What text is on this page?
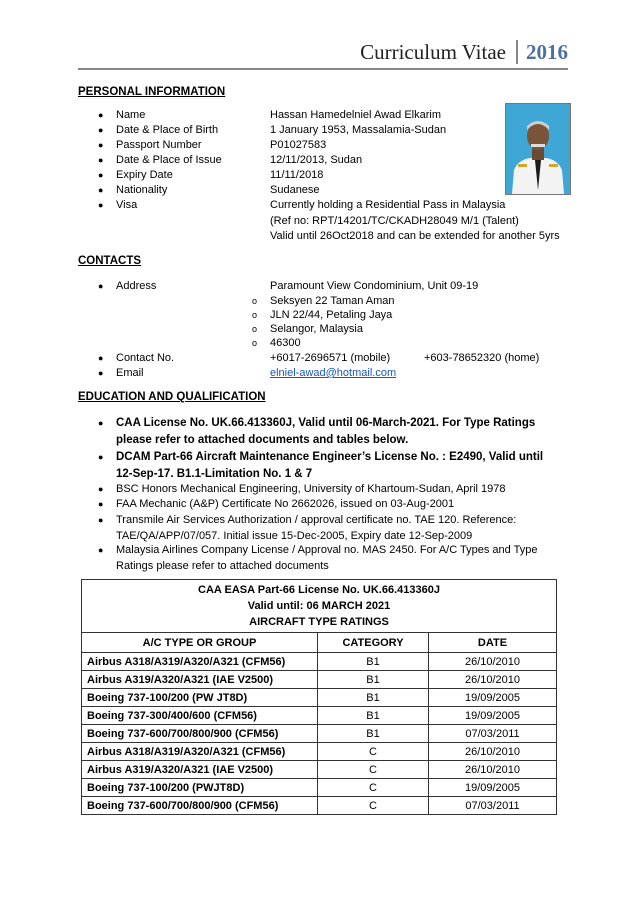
Curriculum Vitae 2016
PERSONAL INFORMATION
● Name	Hassan Hamedelniel Awad Elkarim
● Date & Place of Birth	1 January 1953, Massalamia-Sudan
● Passport Number	P01027583
● Date & Place of Issue	12/11/2013, Sudan
● Expiry Date	11/11/2018
● Nationality	Sudanese
● Visa	Currently holding a Residential Pass in Malaysia
(Ref no: RPT/14201/TC/CKADH28049 M/1 (Talent)
Valid until 26Oct2018 and can be extended for another 5yrs
CONTACTS
● Address	Paramount View Condominium, Unit 09-19
o Seksyen 22 Taman Aman
o JLN 22/44, Petaling Jaya
o Selangor, Malaysia
o 46300
● Contact No.	+6017-2696571 (mobile)	+603-78652320 (home)
● Email	elniel-awad@hotmail.com
EDUCATION AND QUALIFICATION
● CAA License No. UK.66.413360J, Valid until 06-March-2021. For Type Ratings please refer to attached documents and tables below.
● DCAM Part-66 Aircraft Maintenance Engineer’s License No. : E2490, Valid until 12-Sep-17. B1.1-Limitation No. 1 & 7
● BSC Honors Mechanical Engineering, University of Khartoum-Sudan, April 1978
● FAA Mechanic (A&P) Certificate No 2662026, issued on 03-Aug-2001
● Transmile Air Services Authorization / approval certificate no. TAE 120. Reference: TAE/QA/APP/07/057. Initial issue 15-Dec-2005, Expiry date 12-Sep-2009
● Malaysia Airlines Company License / Approval no. MAS 2450. For A/C Types and Type Ratings please refer to attached documents
CAA EASA Part-66 License No. UK.66.413360J
Valid until: 06 MARCH 2021
AIRCRAFT TYPE RATINGS		

A/C TYPE OR GROUP	CATEGORY	DATE
Airbus A318/A319/A320/A321 (CFM56)	B1	26/10/2010
Airbus A319/A320/A321 (IAE V2500)	B1	26/10/2010
Boeing 737-100/200 (PW JT8D)	B1	19/09/2005
Boeing 737-300/400/600 (CFM56)	B1	19/09/2005
Boeing 737-600/700/800/900 (CFM56)	B1	07/03/2011
Airbus A318/A319/A320/A321 (CFM56)	C	26/10/2010
Airbus A319/A320/A321 (IAE V2500)	C	26/10/2010
Boeing 737-100/200 (PWJT8D)	C	19/09/2005
Boeing 737-600/700/800/900 (CFM56)	C	07/03/2011
